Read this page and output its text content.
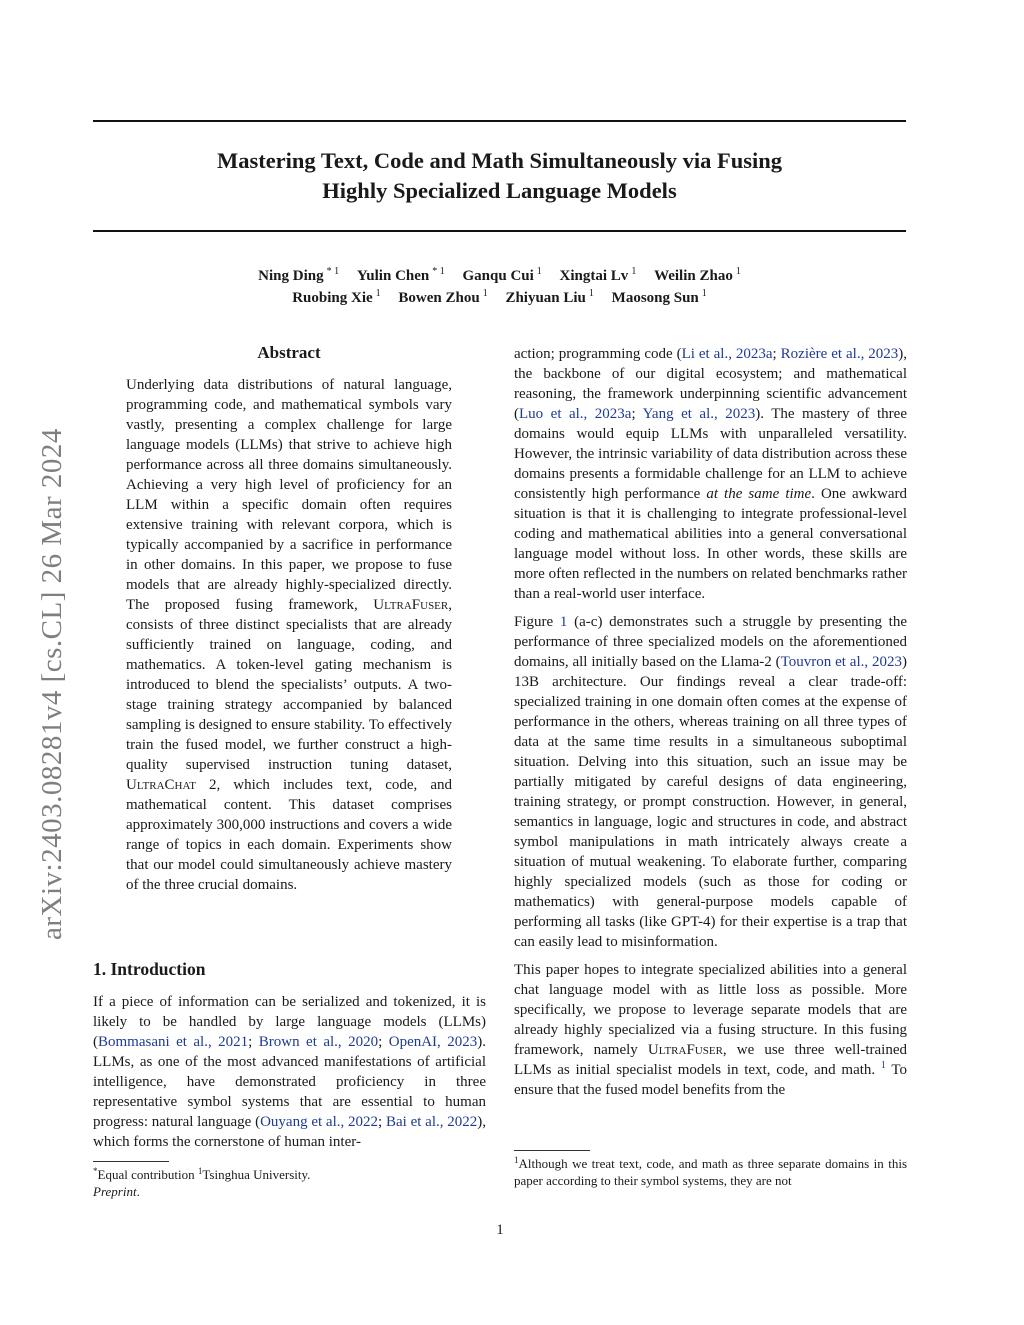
Mastering Text, Code and Math Simultaneously via Fusing
Highly Specialized Language Models
Ning Ding $^{* 1}$ Yulin Chen $^{* 1}$ Ganqu Cui $^1$ Xingtai Lv $^1$ Weilin Zhao $^1$
Ruobing Xie $^1$ Bowen Zhou $^1$ Zhiyuan Liu $^1$ Maosong Sun $^1$
arXiv:2403.08281v4 [cs.CL] 26 Mar 2024
Abstract
Underlying data distributions of natural language, programming code, and mathematical symbols vary vastly, presenting a complex challenge for large language models (LLMs) that strive to achieve high performance across all three domains simultaneously. Achieving a very high level of proficiency for an LLM within a specific domain often requires extensive training with relevant corpora, which is typically accompanied by a sacrifice in performance in other domains. In this paper, we propose to fuse models that are already highly-specialized directly. The proposed fusing framework, UltraFuser, consists of three distinct specialists that are already sufficiently trained on language, coding, and mathematics. A token-level gating mechanism is introduced to blend the specialists’ outputs. A two-stage training strategy accompanied by balanced sampling is designed to ensure stability. To effectively train the fused model, we further construct a high-quality supervised instruction tuning dataset, UltraChat 2, which includes text, code, and mathematical content. This dataset comprises approximately 300,000 instructions and covers a wide range of topics in each domain. Experiments show that our model could simultaneously achieve mastery of the three crucial domains.
1. Introduction
If a piece of information can be serialized and tokenized, it is likely to be handled by large language models (LLMs) (Bommasani et al., 2021; Brown et al., 2020; OpenAI, 2023). LLMs, as one of the most advanced manifestations of artificial intelligence, have demonstrated proficiency in three representative symbol systems that are essential to human progress: natural language (Ouyang et al., 2022; Bai et al., 2022), which forms the cornerstone of human inter-

action; programming code (Li et al., 2023a; Rozière et al., 2023), the backbone of our digital ecosystem; and mathematical reasoning, the framework underpinning scientific advancement (Luo et al., 2023a; Yang et al., 2023). The mastery of three domains would equip LLMs with unparalleled versatility. However, the intrinsic variability of data distribution across these domains presents a formidable challenge for an LLM to achieve consistently high performance at the same time. One awkward situation is that it is challenging to integrate professional-level coding and mathematical abilities into a general conversational language model without loss. In other words, these skills are more often reflected in the numbers on related benchmarks rather than a real-world user interface.

Figure 1 (a-c) demonstrates such a struggle by presenting the performance of three specialized models on the aforementioned domains, all initially based on the Llama-2 (Touvron et al., 2023) 13B architecture. Our findings reveal a clear trade-off: specialized training in one domain often comes at the expense of performance in the others, whereas training on all three types of data at the same time results in a simultaneous suboptimal situation. Delving into this situation, such an issue may be partially mitigated by careful designs of data engineering, training strategy, or prompt construction. However, in general, semantics in language, logic and structures in code, and abstract symbol manipulations in math intricately always create a situation of mutual weakening. To elaborate further, comparing highly specialized models (such as those for coding or mathematics) with general-purpose models capable of performing all tasks (like GPT-4) for their expertise is a trap that can easily lead to misinformation.

This paper hopes to integrate specialized abilities into a general chat language model with as little loss as possible. More specifically, we propose to leverage separate models that are already highly specialized via a fusing structure. In this fusing framework, namely UltraFuser, we use three well-trained LLMs as initial specialist models in text, code, and math. $^1$ To ensure that the fused model benefits from the

*Equal contribution $^1$Tsinghua University.
Preprint.
$^1$Although we treat text, code, and math as three separate domains in this paper according to their symbol systems, they are not
1
